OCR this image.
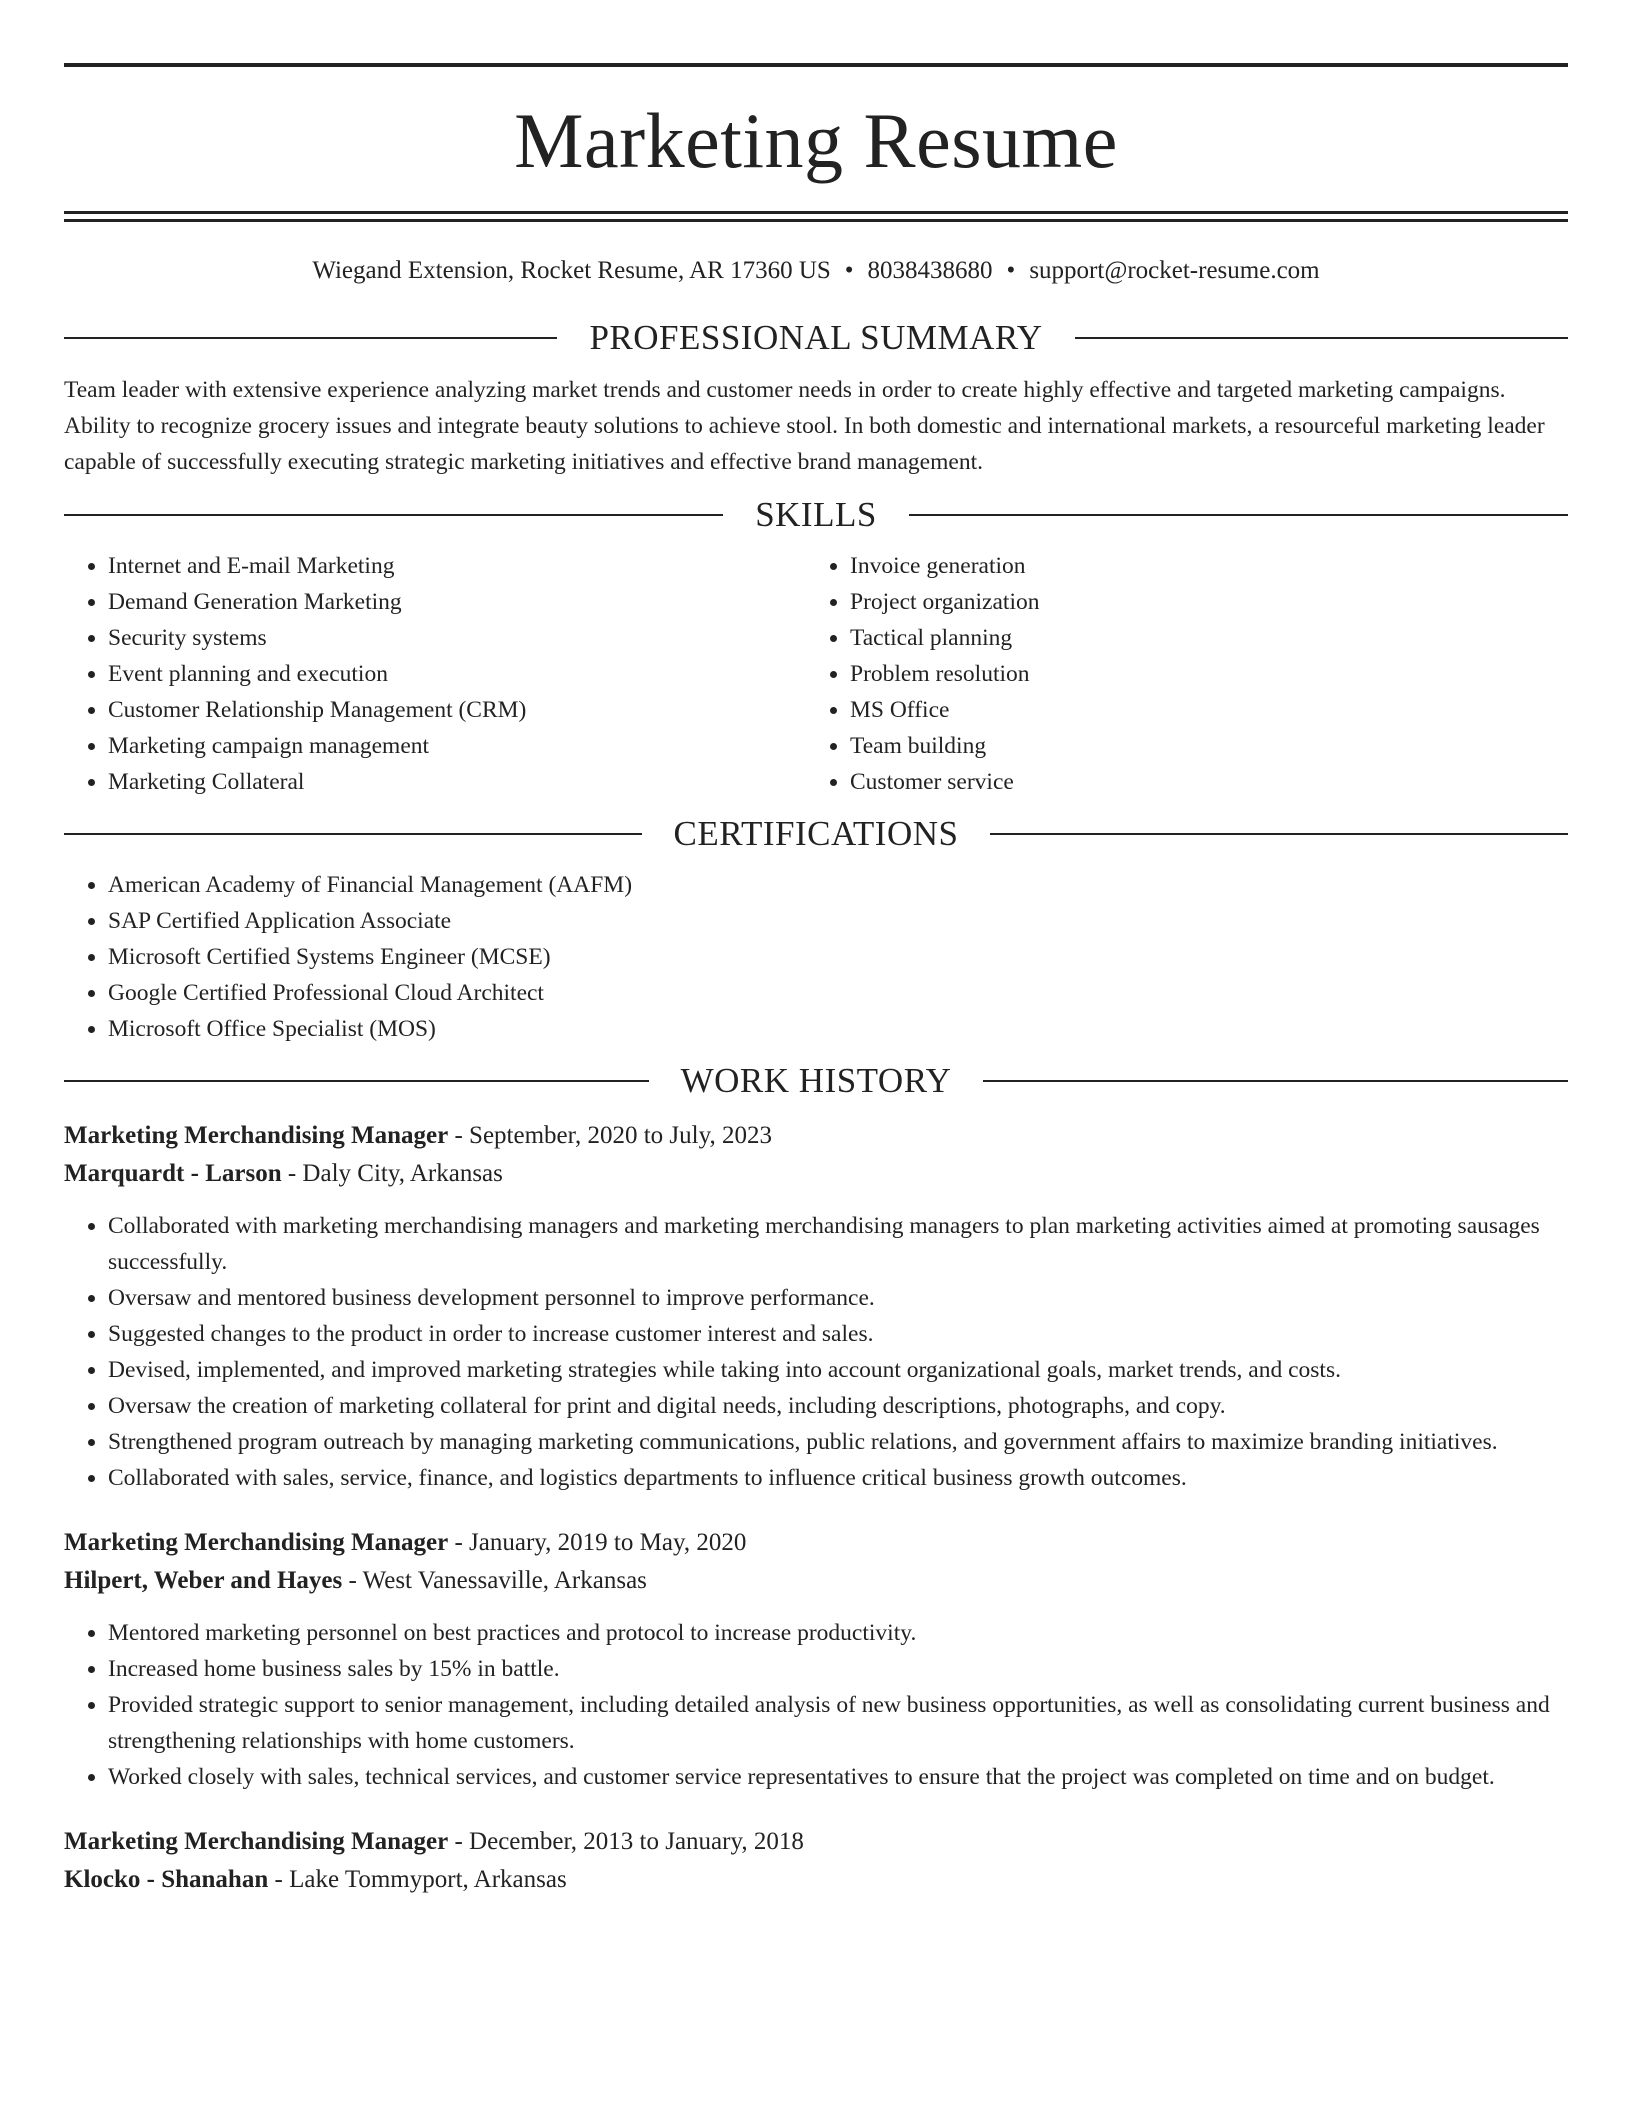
Marketing Resume
Wiegand Extension, Rocket Resume, AR 17360 US • 8038438680 • support@rocket-resume.com
PROFESSIONAL SUMMARY

Team leader with extensive experience analyzing market trends and customer needs in order to create highly effective and targeted marketing campaigns. Ability to recognize grocery issues and integrate beauty solutions to achieve stool. In both domestic and international markets, a resourceful marketing leader capable of successfully executing strategic marketing initiatives and effective brand management.

SKILLS
• Internet and E-mail Marketing
• Demand Generation Marketing
• Security systems
• Event planning and execution
• Customer Relationship Management (CRM)
• Marketing campaign management
• Marketing Collateral
• Invoice generation
• Project organization
• Tactical planning
• Problem resolution
• MS Office
• Team building
• Customer service
CERTIFICATIONS
• American Academy of Financial Management (AAFM)
• SAP Certified Application Associate
• Microsoft Certified Systems Engineer (MCSE)
• Google Certified Professional Cloud Architect
• Microsoft Office Specialist (MOS)
WORK HISTORY
Marketing Merchandising Manager - September, 2020 to July, 2023
Marquardt - Larson - Daly City, Arkansas
• Collaborated with marketing merchandising managers and marketing merchandising managers to plan marketing activities aimed at promoting sausages successfully.
• Oversaw and mentored business development personnel to improve performance.
• Suggested changes to the product in order to increase customer interest and sales.
• Devised, implemented, and improved marketing strategies while taking into account organizational goals, market trends, and costs.
• Oversaw the creation of marketing collateral for print and digital needs, including descriptions, photographs, and copy.
• Strengthened program outreach by managing marketing communications, public relations, and government affairs to maximize branding initiatives.
• Collaborated with sales, service, finance, and logistics departments to influence critical business growth outcomes.
Marketing Merchandising Manager - January, 2019 to May, 2020
Hilpert, Weber and Hayes - West Vanessaville, Arkansas
• Mentored marketing personnel on best practices and protocol to increase productivity.
• Increased home business sales by 15% in battle.
• Provided strategic support to senior management, including detailed analysis of new business opportunities, as well as consolidating current business and strengthening relationships with home customers.
• Worked closely with sales, technical services, and customer service representatives to ensure that the project was completed on time and on budget.
Marketing Merchandising Manager - December, 2013 to January, 2018
Klocko - Shanahan - Lake Tommyport, Arkansas
